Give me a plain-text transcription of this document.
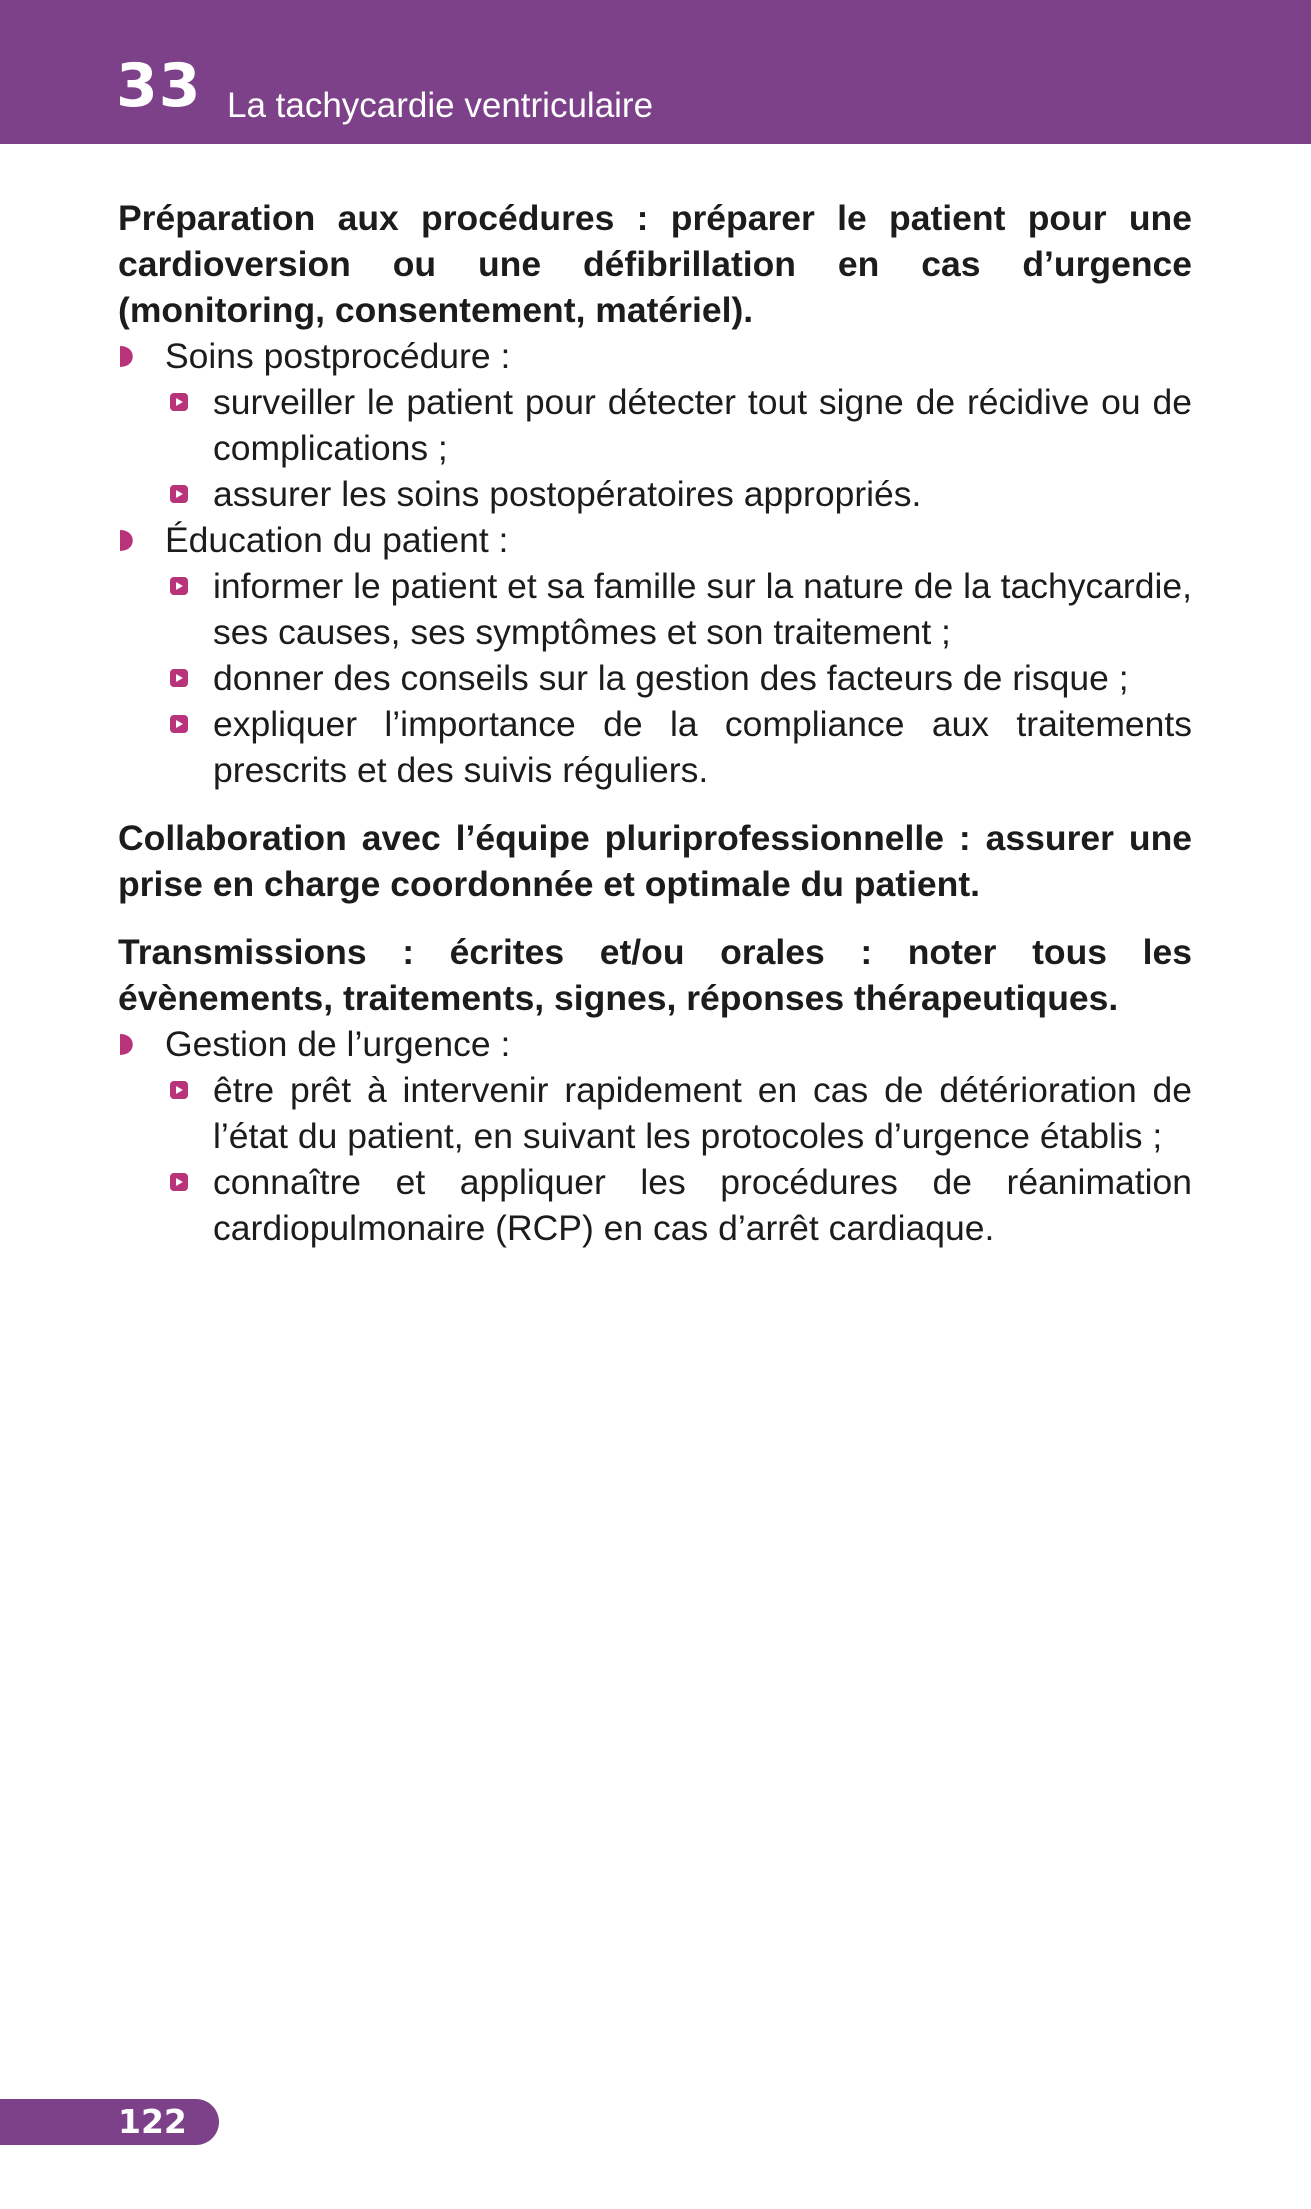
33 La tachycardie ventriculaire

Préparation aux procédures : préparer le patient pour une cardioversion ou une défibrillation en cas d’urgence (monitoring, consentement, matériel).

Soins postprocédure :
surveiller le patient pour détecter tout signe de récidive ou de complications ;
assurer les soins postopératoires appropriés.
Éducation du patient :
informer le patient et sa famille sur la nature de la tachycardie, ses causes, ses symptômes et son traitement ;
donner des conseils sur la gestion des facteurs de risque ;
expliquer l’importance de la compliance aux traitements prescrits et des suivis réguliers.

Collaboration avec l’équipe pluriprofessionnelle : assurer une prise en charge coordonnée et optimale du patient.

Transmissions : écrites et/ou orales : noter tous les évènements, traitements, signes, réponses thérapeutiques.

Gestion de l’urgence :
être prêt à intervenir rapidement en cas de détérioration de l’état du patient, en suivant les protocoles d’urgence établis ;
connaître et appliquer les procédures de réanimation cardiopulmonaire (RCP) en cas d’arrêt cardiaque.
122
